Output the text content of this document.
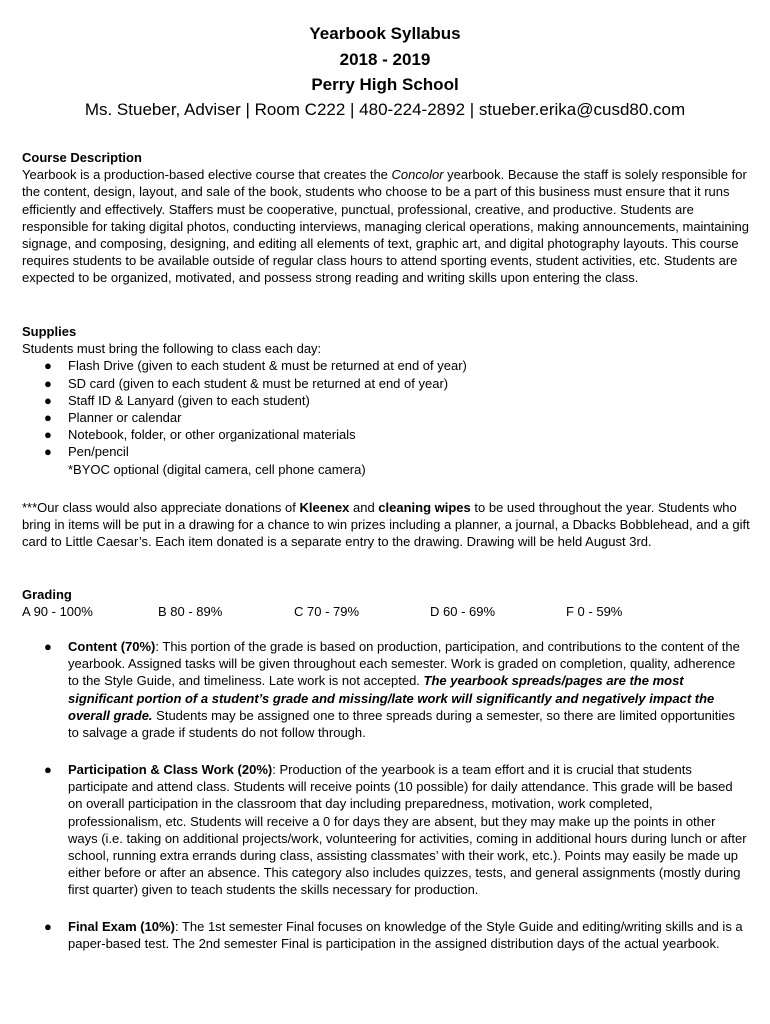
Yearbook Syllabus
2018 - 2019
Perry High School
Ms. Stueber, Adviser | Room C222 | 480-224-2892 | stueber.erika@cusd80.com

Course Description

Yearbook is a production-based elective course that creates the Concolor yearbook. Because the staff is solely responsible for the content, design, layout, and sale of the book, students who choose to be a part of this business must ensure that it runs efficiently and effectively. Staffers must be cooperative, punctual, professional, creative, and productive. Students are responsible for taking digital photos, conducting interviews, managing clerical operations, making announcements, maintaining signage, and composing, designing, and editing all elements of text, graphic art, and digital photography layouts. This course requires students to be available outside of regular class hours to attend sporting events, student activities, etc. Students are expected to be organized, motivated, and possess strong reading and writing skills upon entering the class.

Supplies

Students must bring the following to class each day:

● Flash Drive (given to each student & must be returned at end of year)
● SD card (given to each student & must be returned at end of year)
● Staff ID & Lanyard (given to each student)
● Planner or calendar
● Notebook, folder, or other organizational materials
● Pen/pencil

*BYOC optional (digital camera, cell phone camera)

***Our class would also appreciate donations of Kleenex and cleaning wipes to be used throughout the year. Students who bring in items will be put in a drawing for a chance to win prizes including a planner, a journal, a Dbacks Bobblehead, and a gift card to Little Caesar’s. Each item donated is a separate entry to the drawing. Drawing will be held August 3rd.

Grading

A 90 - 100%	B 80 - 89%	C 70 - 79%	D 60 - 69%	F 0 - 59%
● Content (70%): This portion of the grade is based on production, participation, and contributions to the content of the yearbook. Assigned tasks will be given throughout each semester. Work is graded on completion, quality, adherence to the Style Guide, and timeliness. Late work is not accepted. The yearbook spreads/pages are the most significant portion of a student’s grade and missing/late work will significantly and negatively impact the overall grade. Students may be assigned one to three spreads during a semester, so there are limited opportunities to salvage a grade if students do not follow through.
● Participation & Class Work (20%): Production of the yearbook is a team effort and it is crucial that students participate and attend class. Students will receive points (10 possible) for daily attendance. This grade will be based on overall participation in the classroom that day including preparedness, motivation, work completed, professionalism, etc. Students will receive a 0 for days they are absent, but they may make up the points in other ways (i.e. taking on additional projects/work, volunteering for activities, coming in additional hours during lunch or after school, running extra errands during class, assisting classmates’ with their work, etc.). Points may easily be made up either before or after an absence. This category also includes quizzes, tests, and general assignments (mostly during first quarter) given to teach students the skills necessary for production.
● Final Exam (10%): The 1st semester Final focuses on knowledge of the Style Guide and editing/writing skills and is a paper-based test. The 2nd semester Final is participation in the assigned distribution days of the actual yearbook.
